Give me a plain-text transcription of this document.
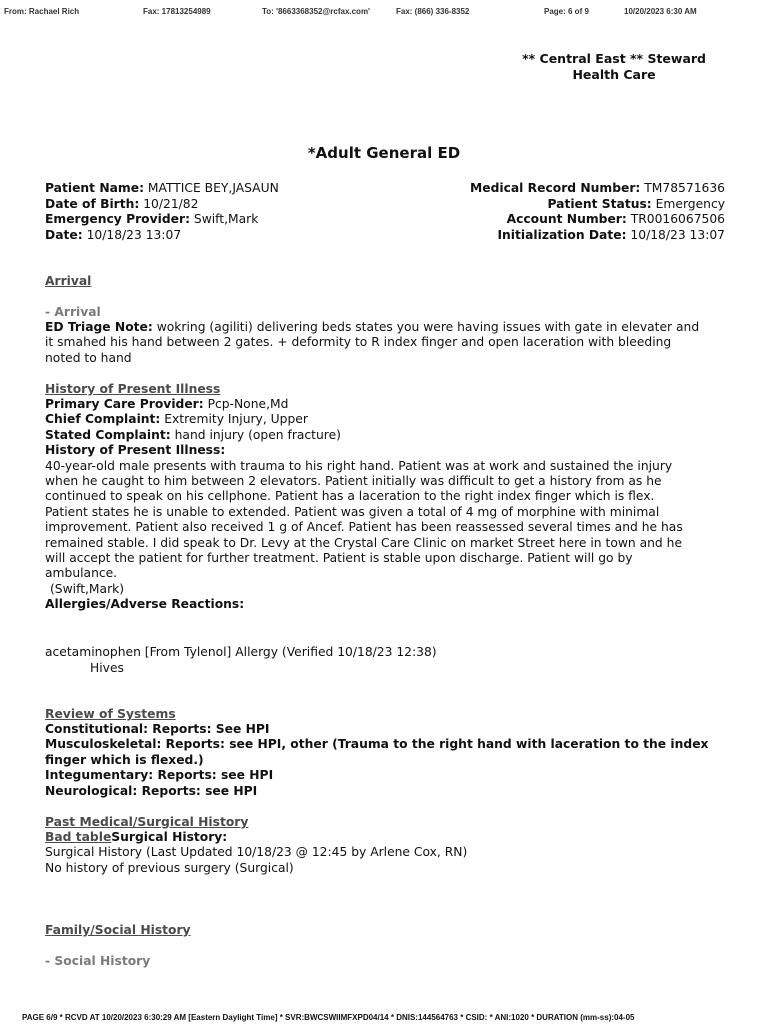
From: Rachael Rich	Fax: 17813254989	To: '8663368352@rcfax.com'	Fax: (866) 336-8352	Page: 6 of 9	10/20/2023 6:30 AM
** Central East ** Steward
Health Care
*Adult General ED
Patient Name: MATTICE BEY,JASAUN
Date of Birth: 10/21/82
Emergency Provider: Swift,Mark
Date: 10/18/23 13:07
Medical Record Number: TM78571636
Patient Status: Emergency
Account Number: TR0016067506
Initialization Date: 10/18/23 13:07
Arrival
- Arrival
ED Triage Note: wokring (agiliti) delivering beds states you were having issues with gate in elevater and
it smahed his hand between 2 gates. + deformity to R index finger and open laceration with bleeding
noted to hand
History of Present Illness
Primary Care Provider: Pcp-None,Md
Chief Complaint: Extremity Injury, Upper
Stated Complaint: hand injury (open fracture)
History of Present Illness:
40-year-old male presents with trauma to his right hand. Patient was at work and sustained the injury
when he caught to him between 2 elevators. Patient initially was difficult to get a history from as he
continued to speak on his cellphone. Patient has a laceration to the right index finger which is flex.
Patient states he is unable to extended. Patient was given a total of 4 mg of morphine with minimal
improvement. Patient also received 1 g of Ancef. Patient has been reassessed several times and he has
remained stable. I did speak to Dr. Levy at the Crystal Care Clinic on market Street here in town and he
will accept the patient for further treatment. Patient is stable upon discharge. Patient will go by
ambulance.
(Swift,Mark)
Allergies/Adverse Reactions:
acetaminophen [From Tylenol] Allergy (Verified 10/18/23 12:38)
Hives
Review of Systems
Constitutional: Reports: See HPI
Musculoskeletal: Reports: see HPI, other (Trauma to the right hand with laceration to the index
finger which is flexed.)
Integumentary: Reports: see HPI
Neurological: Reports: see HPI
Past Medical/Surgical History
Bad tableSurgical History:
Surgical History (Last Updated 10/18/23 @ 12:45 by Arlene Cox, RN)
No history of previous surgery (Surgical)
Family/Social History
- Social History
PAGE 6/9 * RCVD AT 10/20/2023 6:30:29 AM [Eastern Daylight Time] * SVR:BWCSWIIMFXPD04/14 * DNIS:144564763 * CSID: * ANI:1020 * DURATION (mm-ss):04-05
